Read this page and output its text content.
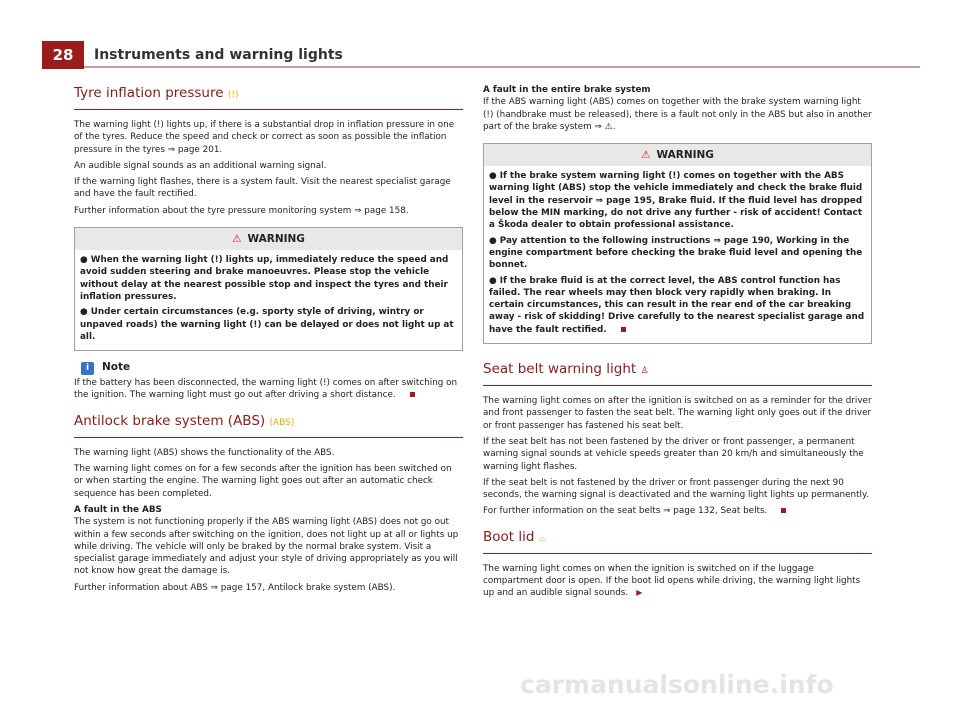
28	Instruments and warning lights
Tyre inflation pressure (!)

The warning light (!) lights up, if there is a substantial drop in inflation pressure in one of the tyres. Reduce the speed and check or correct as soon as possible the inflation pressure in the tyres ⇒ page 201.

An audible signal sounds as an additional warning signal.

If the warning light flashes, there is a system fault. Visit the nearest specialist garage and have the fault rectified.

Further information about the tyre pressure monitoring system ⇒ page 158.

⚠ WARNING

● When the warning light (!) lights up, immediately reduce the speed and avoid sudden steering and brake manoeuvres. Please stop the vehicle without delay at the nearest possible stop and inspect the tyres and their inflation pressures.

● Under certain circumstances (e.g. sporty style of driving, wintry or unpaved roads) the warning light (!) can be delayed or does not light up at all.

i Note

If the battery has been disconnected, the warning light (!) comes on after switching on the ignition. The warning light must go out after driving a short distance.

Antilock brake system (ABS) (ABS)

The warning light (ABS) shows the functionality of the ABS.

The warning light comes on for a few seconds after the ignition has been switched on or when starting the engine. The warning light goes out after an automatic check sequence has been completed.

A fault in the ABS

The system is not functioning properly if the ABS warning light (ABS) does not go out within a few seconds after switching on the ignition, does not light up at all or lights up while driving. The vehicle will only be braked by the normal brake system. Visit a specialist garage immediately and adjust your style of driving appropriately as you will not know how great the damage is.

Further information about ABS ⇒ page 157, Antilock brake system (ABS).

A fault in the entire brake system

If the ABS warning light (ABS) comes on together with the brake system warning light (!) (handbrake must be released), there is a fault not only in the ABS but also in another part of the brake system ⇒ ⚠.

⚠ WARNING

● If the brake system warning light (!) comes on together with the ABS warning light (ABS) stop the vehicle immediately and check the brake fluid level in the reservoir ⇒ page 195, Brake fluid. If the fluid level has dropped below the MIN marking, do not drive any further - risk of accident! Contact a Škoda dealer to obtain professional assistance.

● Pay attention to the following instructions ⇒ page 190, Working in the engine compartment before checking the brake fluid level and opening the bonnet.

● If the brake fluid is at the correct level, the ABS control function has failed. The rear wheels may then block very rapidly when braking. In certain circumstances, this can result in the rear end of the car breaking away - risk of skidding! Drive carefully to the nearest specialist garage and have the fault rectified.

Seat belt warning light ♙

The warning light comes on after the ignition is switched on as a reminder for the driver and front passenger to fasten the seat belt. The warning light only goes out if the driver or front passenger has fastened his seat belt.

If the seat belt has not been fastened by the driver or front passenger, a permanent warning signal sounds at vehicle speeds greater than 20 km/h and simultaneously the warning light flashes.

If the seat belt is not fastened by the driver or front passenger during the next 90 seconds, the warning signal is deactivated and the warning light lights up permanently.

For further information on the seat belts ⇒ page 132, Seat belts.

Boot lid ⌓

The warning light comes on when the ignition is switched on if the luggage compartment door is open. If the boot lid opens while driving, the warning light lights up and an audible signal sounds. ▶

carmanualsonline.info
